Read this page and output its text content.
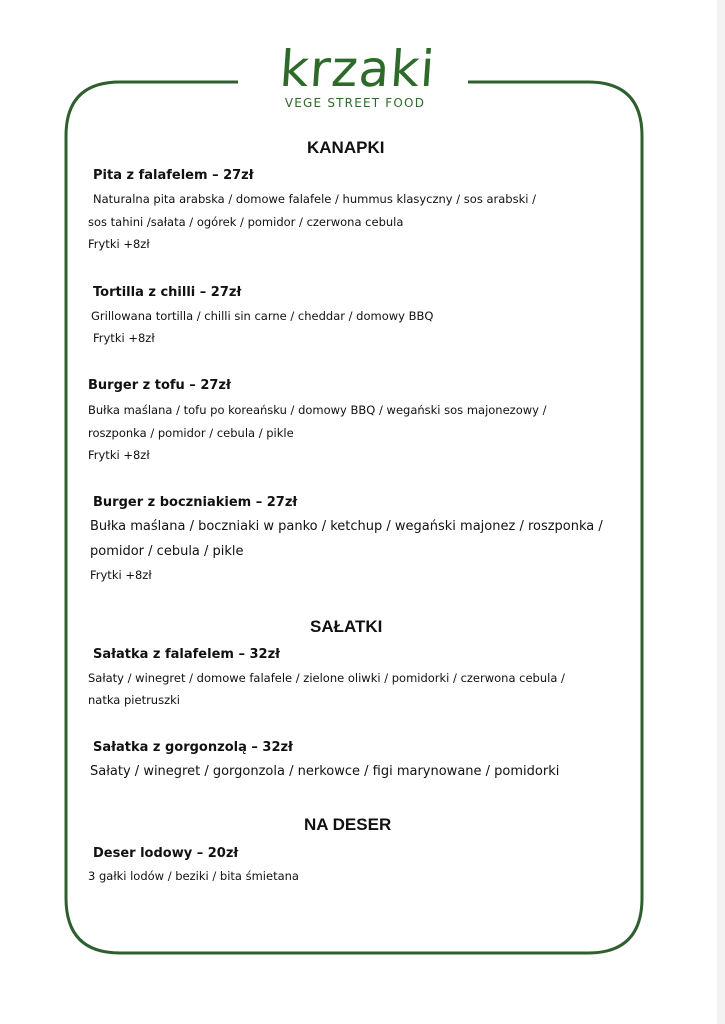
krzaki
VEGE STREET FOOD
KANAPKI
Pita z falafelem – 27zł
Naturalna pita arabska / domowe falafele / hummus klasyczny / sos arabski /
sos tahini /sałata / ogórek / pomidor / czerwona cebula
Frytki +8zł
Tortilla z chilli – 27zł
Grillowana tortilla / chilli sin carne / cheddar / domowy BBQ
Frytki +8zł
Burger z tofu – 27zł
Bułka maślana / tofu po koreańsku / domowy BBQ / wegański sos majonezowy /
roszponka / pomidor / cebula / pikle
Frytki +8zł
Burger z boczniakiem – 27zł
Bułka maślana / boczniaki w panko / ketchup / wegański majonez / roszponka /
pomidor / cebula / pikle
Frytki +8zł
SAŁATKI
Sałatka z falafelem – 32zł
Sałaty / winegret / domowe falafele / zielone oliwki / pomidorki / czerwona cebula /
natka pietruszki
Sałatka z gorgonzolą – 32zł
Sałaty / winegret / gorgonzola / nerkowce / figi marynowane / pomidorki
NA DESER
Deser lodowy – 20zł
3 gałki lodów / beziki / bita śmietana
